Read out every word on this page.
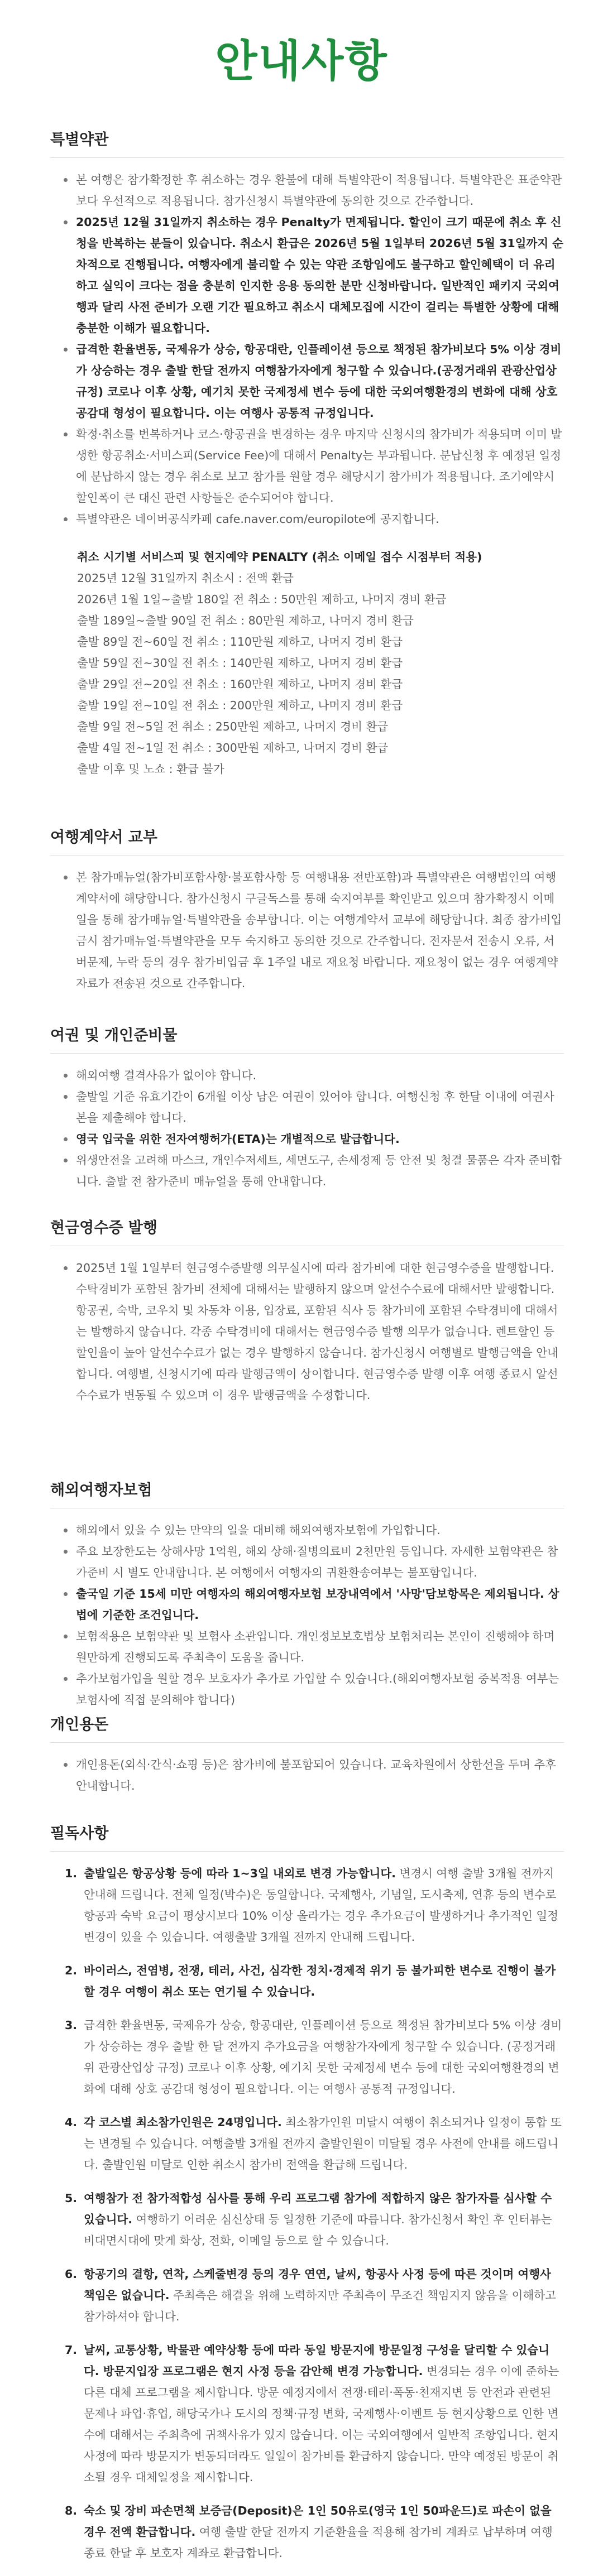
안내사항
특별약관
본 여행은 참가확정한 후 취소하는 경우 환불에 대해 특별약관이 적용됩니다. 특별약관은 표준약관보다 우선적으로 적용됩니다. 참가신청시 특별약관에 동의한 것으로 간주합니다.
2025년 12월 31일까지 취소하는 경우 Penalty가 면제됩니다. 할인이 크기 때문에 취소 후 신청을 반복하는 분들이 있습니다. 취소시 환급은 2026년 5월 1일부터 2026년 5월 31일까지 순차적으로 진행됩니다. 여행자에게 불리할 수 있는 약관 조항임에도 불구하고 할인혜택이 더 유리하고 실익이 크다는 점을 충분히 인지한 응용 동의한 분만 신청바랍니다. 일반적인 패키지 국외여행과 달리 사전 준비가 오랜 기간 필요하고 취소시 대체모집에 시간이 걸리는 특별한 상황에 대해 충분한 이해가 필요합니다.
급격한 환율변동, 국제유가 상승, 항공대란, 인플레이션 등으로 책정된 참가비보다 5% 이상 경비가 상승하는 경우 출발 한달 전까지 여행참가자에게 청구할 수 있습니다.(공정거래위 관광산업상 규정) 코로나 이후 상황, 예기치 못한 국제정세 변수 등에 대한 국외여행환경의 변화에 대해 상호 공감대 형성이 필요합니다. 이는 여행사 공통적 규정입니다.
확정·취소를 번복하거나 코스·항공권을 변경하는 경우 마지막 신청시의 참가비가 적용되며 이미 발생한 항공취소·서비스피(Service Fee)에 대해서 Penalty는 부과됩니다. 분납신청 후 예정된 일정에 분납하지 않는 경우 취소로 보고 참가를 원할 경우 해당시기 참가비가 적용됩니다. 조기예약시 할인폭이 큰 대신 관련 사항들은 준수되어야 합니다.
특별약관은 네이버공식카페 cafe.naver.com/europilote에 공지합니다.
취소 시기별 서비스피 및 현지예약 PENALTY (취소 이메일 접수 시점부터 적용)
2025년 12월 31일까지 취소시 : 전액 환급
2026년 1월 1일~출발 180일 전 취소 : 50만원 제하고, 나머지 경비 환급
출발 189일~출발 90일 전 취소 : 80만원 제하고, 나머지 경비 환급
출발 89일 전~60일 전 취소 : 110만원 제하고, 나머지 경비 환급
출발 59일 전~30일 전 취소 : 140만원 제하고, 나머지 경비 환급
출발 29일 전~20일 전 취소 : 160만원 제하고, 나머지 경비 환급
출발 19일 전~10일 전 취소 : 200만원 제하고, 나머지 경비 환급
출발 9일 전~5일 전 취소 : 250만원 제하고, 나머지 경비 환급
출발 4일 전~1일 전 취소 : 300만원 제하고, 나머지 경비 환급
출발 이후 및 노쇼 : 환급 불가
여행계약서 교부
본 참가매뉴얼(참가비포함사항·불포함사항 등 여행내용 전반포함)과 특별약관은 여행법인의 여행계약서에 해당합니다. 참가신청시 구글독스를 통해 숙지여부를 확인받고 있으며 참가확정시 이메일을 통해 참가매뉴얼·특별약관을 송부합니다. 이는 여행계약서 교부에 해당합니다. 최종 참가비입금시 참가매뉴얼·특별약관을 모두 숙지하고 동의한 것으로 간주합니다. 전자문서 전송시 오류, 서버문제, 누락 등의 경우 참가비입금 후 1주일 내로 재요청 바랍니다. 재요청이 없는 경우 여행계약 자료가 전송된 것으로 간주합니다.
여권 및 개인준비물
해외여행 결격사유가 없어야 합니다.
출발일 기준 유효기간이 6개월 이상 남은 여권이 있어야 합니다. 여행신청 후 한달 이내에 여권사본을 제출해야 합니다.
영국 입국을 위한 전자여행허가(ETA)는 개별적으로 발급합니다.
위생안전을 고려해 마스크, 개인수저세트, 세면도구, 손세정제 등 안전 및 청결 물품은 각자 준비합니다. 출발 전 참가준비 매뉴얼을 통해 안내합니다.
현금영수증 발행
2025년 1월 1일부터 현금영수증발행 의무실시에 따라 참가비에 대한 현금영수증을 발행합니다. 수탁경비가 포함된 참가비 전체에 대해서는 발행하지 않으며 알선수수료에 대해서만 발행합니다. 항공권, 숙박, 코우치 및 차동차 이용, 입장료, 포함된 식사 등 참가비에 포함된 수탁경비에 대해서는 발행하지 않습니다. 각종 수탁경비에 대해서는 현금영수증 발행 의무가 없습니다. 렌트할인 등 할인율이 높아 알선수수료가 없는 경우 발행하지 않습니다. 참가신청시 여행별로 발행금액을 안내합니다. 여행별, 신청시기에 따라 발행금액이 상이합니다. 현금영수증 발행 이후 여행 종료시 알선수수료가 변동될 수 있으며 이 경우 발행금액을 수정합니다.
해외여행자보험
해외에서 있을 수 있는 만약의 일을 대비해 해외여행자보험에 가입합니다.
주요 보장한도는 상해사망 1억원, 해외 상해·질병의료비 2천만원 등입니다. 자세한 보험약관은 참가준비 시 별도 안내합니다. 본 여행에서 여행자의 귀환환송여부는 불포함입니다.
출국일 기준 15세 미만 여행자의 해외여행자보험 보장내역에서 '사망'담보항목은 제외됩니다. 상법에 기준한 조건입니다.
보험적용은 보험약관 및 보험사 소관입니다. 개인정보보호법상 보험처리는 본인이 진행해야 하며 원만하게 진행되도록 주최측이 도움을 줍니다.
추가보험가입을 원할 경우 보호자가 추가로 가입할 수 있습니다.(해외여행자보험 중복적용 여부는 보험사에 직접 문의해야 합니다)
개인용돈
개인용돈(외식·간식·쇼핑 등)은 참가비에 불포함되어 있습니다. 교육차원에서 상한선을 두며 추후 안내합니다.
필독사항
1. 출발일은 항공상황 등에 따라 1~3일 내외로 변경 가능합니다. 변경시 여행 출발 3개월 전까지 안내해 드립니다. 전체 일정(박수)은 동일합니다. 국제행사, 기념일, 도시축제, 연휴 등의 변수로 항공과 숙박 요금이 평상시보다 10% 이상 올라가는 경우 추가요금이 발생하거나 추가적인 일정변경이 있을 수 있습니다. 여행출발 3개월 전까지 안내해 드립니다.
2. 바이러스, 전염병, 전쟁, 테러, 사건, 심각한 정치·경제적 위기 등 불가피한 변수로 진행이 불가할 경우 여행이 취소 또는 연기될 수 있습니다.
3. 급격한 환율변동, 국제유가 상승, 항공대란, 인플레이션 등으로 책정된 참가비보다 5% 이상 경비가 상승하는 경우 출발 한 달 전까지 추가요금을 여행참가자에게 청구할 수 있습니다. (공정거래위 관광산업상 규정) 코로나 이후 상황, 예기치 못한 국제정세 변수 등에 대한 국외여행환경의 변화에 대해 상호 공감대 형성이 필요합니다. 이는 여행사 공통적 규정입니다.
4. 각 코스별 최소참가인원은 24명입니다. 최소참가인원 미달시 여행이 취소되거나 일정이 통합 또는 변경될 수 있습니다. 여행출발 3개월 전까지 출발인원이 미달될 경우 사전에 안내를 해드립니다. 출발인원 미달로 인한 취소시 참가비 전액을 환급해 드립니다.
5. 여행참가 전 참가적합성 심사를 통해 우리 프로그램 참가에 적합하지 않은 참가자를 심사할 수 있습니다. 여행하기 어려운 심신상태 등 일정한 기준에 따릅니다. 참가신청서 확인 후 인터뷰는 비대면시대에 맞게 화상, 전화, 이메일 등으로 할 수 있습니다.
6. 항공기의 결항, 연착, 스케줄변경 등의 경우 연연, 날씨, 항공사 사정 등에 따른 것이며 여행사 책임은 없습니다. 주최측은 해결을 위해 노력하지만 주최측이 무조건 책임지지 않음을 이해하고 참가하셔야 합니다.
7. 날씨, 교통상황, 박물관 예약상황 등에 따라 동일 방문지에 방문일정 구성을 달리할 수 있습니다. 방문지입장 프로그램은 현지 사정 등을 감안해 변경 가능합니다. 변경되는 경우 이에 준하는 다른 대체 프로그램을 제시합니다. 방문 예정지에서 전쟁·테러·폭동·천재지변 등 안전과 관련된 문제나 파업·휴업, 해당국가나 도시의 정책·규정 변화, 국제행사·이벤트 등 현지상황으로 인한 변수에 대해서는 주최측에 귀책사유가 있지 않습니다. 이는 국외여행에서 일반적 조항입니다. 현지사정에 따라 방문지가 변동되더라도 일일이 참가비를 환급하지 않습니다. 만약 예정된 방문이 취소될 경우 대체일정을 제시합니다.
8. 숙소 및 장비 파손면책 보증금(Deposit)은 1인 50유로(영국 1인 50파운드)로 파손이 없을 경우 전액 환급합니다. 여행 출발 한달 전까지 기준환율을 적용해 참가비 계좌로 납부하며 여행 종료 한달 후 보호자 계좌로 환급합니다.
